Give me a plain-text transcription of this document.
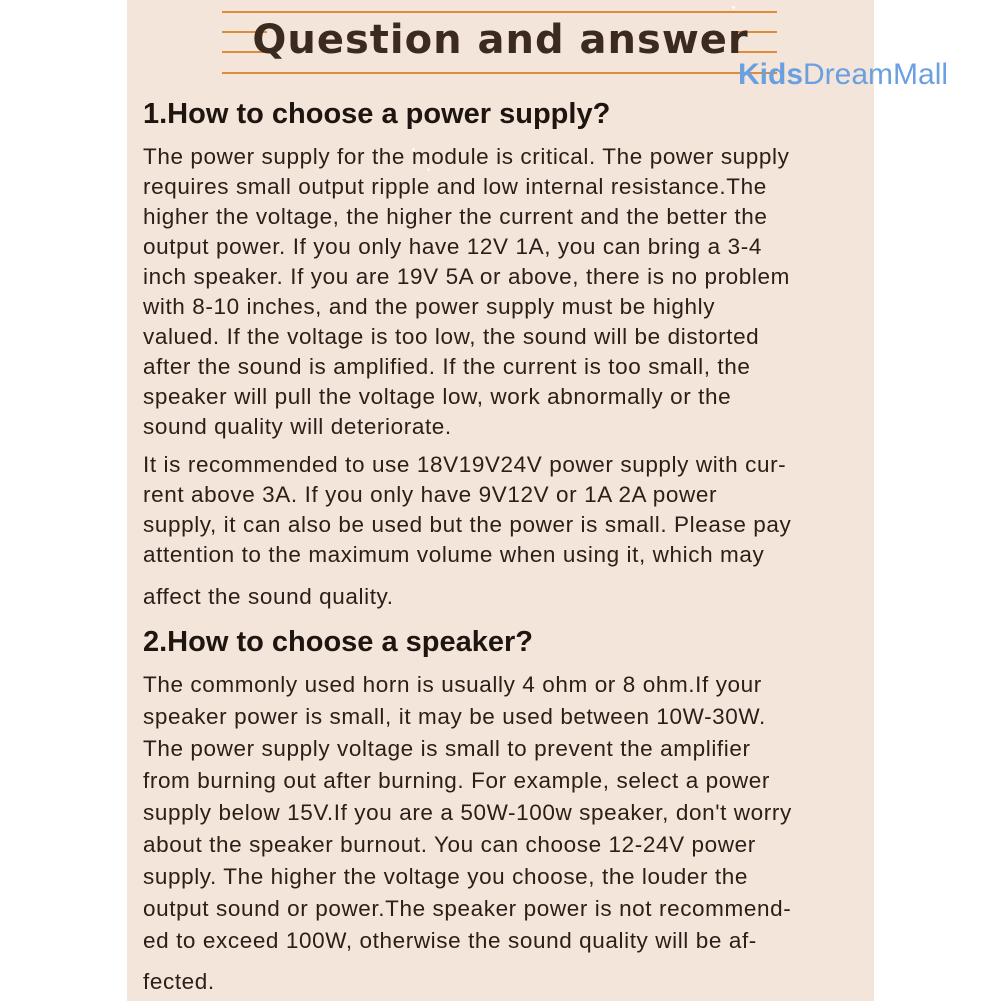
Question and answer
KidsDreamMall
1.How to choose a power supply?
The power supply for the module is critical. The power supply
requires small output ripple and low internal resistance.The
higher the voltage, the higher the current and the better the
output power. If you only have 12V 1A, you can bring a 3-4
inch speaker. If you are 19V 5A or above, there is no problem
with 8-10 inches, and the power supply must be highly
valued. If the voltage is too low, the sound will be distorted
after the sound is amplified. If the current is too small, the
speaker will pull the voltage low, work abnormally or the
sound quality will deteriorate.
It is recommended to use 18V19V24V power supply with cur-
rent above 3A. If you only have 9V12V or 1A 2A power
supply, it can also be used but the power is small. Please pay
attention to the maximum volume when using it, which may
affect the sound quality.
2.How to choose a speaker?
The commonly used horn is usually 4 ohm or 8 ohm.If your
speaker power is small, it may be used between 10W-30W.
The power supply voltage is small to prevent the amplifier
from burning out after burning. For example, select a power
supply below 15V.If you are a 50W-100w speaker, don't worry
about the speaker burnout. You can choose 12-24V power
supply. The higher the voltage you choose, the louder the
output sound or power.The speaker power is not recommend-
ed to exceed 100W, otherwise the sound quality will be af-
fected.
